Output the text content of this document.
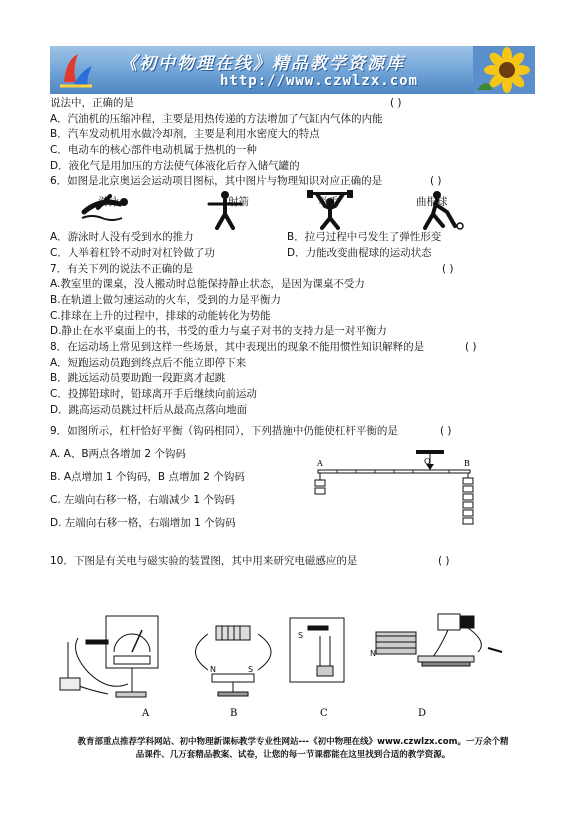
《初中物理在线》精品教学资源库
http://www.czwlzx.com
说法中，正确的是	( )
A．汽油机的压缩冲程，主要是用热传递的方法增加了气缸内气体的内能
B．汽车发动机用水做冷却剂，主要是利用水密度大的特点
C．电动车的核心部件电动机属于热机的一种
D．液化气是用加压的方法使气体液化后存入储气罐的
6．如图是北京奥运会运动项目图标，其中图片与物理知识对应正确的是	( )
游泳	射箭	举重	曲棍球
A．游泳时人没有受到水的推力	B．拉弓过程中弓发生了弹性形变
C．人举着杠铃不动时对杠铃做了功	D．力能改变曲棍球的运动状态
7．有关下列的说法不正确的是	( )
A.教室里的课桌，没人搬动时总能保持静止状态，是因为课桌不受力
B.在轨道上做匀速运动的火车，受到的力是平衡力
C.排球在上升的过程中，排球的动能转化为势能
D.静止在水平桌面上的书，书受的重力与桌子对书的支持力是一对平衡力
8．在运动场上常见到这样一些场景，其中表现出的现象不能用惯性知识解释的是	( )
A．短跑运动员跑到终点后不能立即停下来
B．跳远运动员要助跑一段距离才起跳
C．投掷铅球时，铅球离开手后继续向前运动
D．跳高运动员跳过杆后从最高点落向地面
9．如图所示，杠杆恰好平衡（钩码相同），下列措施中仍能使杠杆平衡的是	( )
A. A、B两点各增加 2 个钩码
B. A点增加 1 个钩码，B 点增加 2 个钩码
C. 左端向右移一格，右端减少 1 个钩码
D. 左端向右移一格，右端增加 1 个钩码
A	O	B
10．下图是有关电与磁实验的装置图，其中用来研究电磁感应的是	( )
N	S
S
N
A	B	C	D
教育部重点推荐学科网站、初中物理新课标教学专业性网站---《初中物理在线》www.czwlzx.com。一万余个精
品课件、几万套精品教案、试卷，让您的每一节课都能在这里找到合适的教学资源。
